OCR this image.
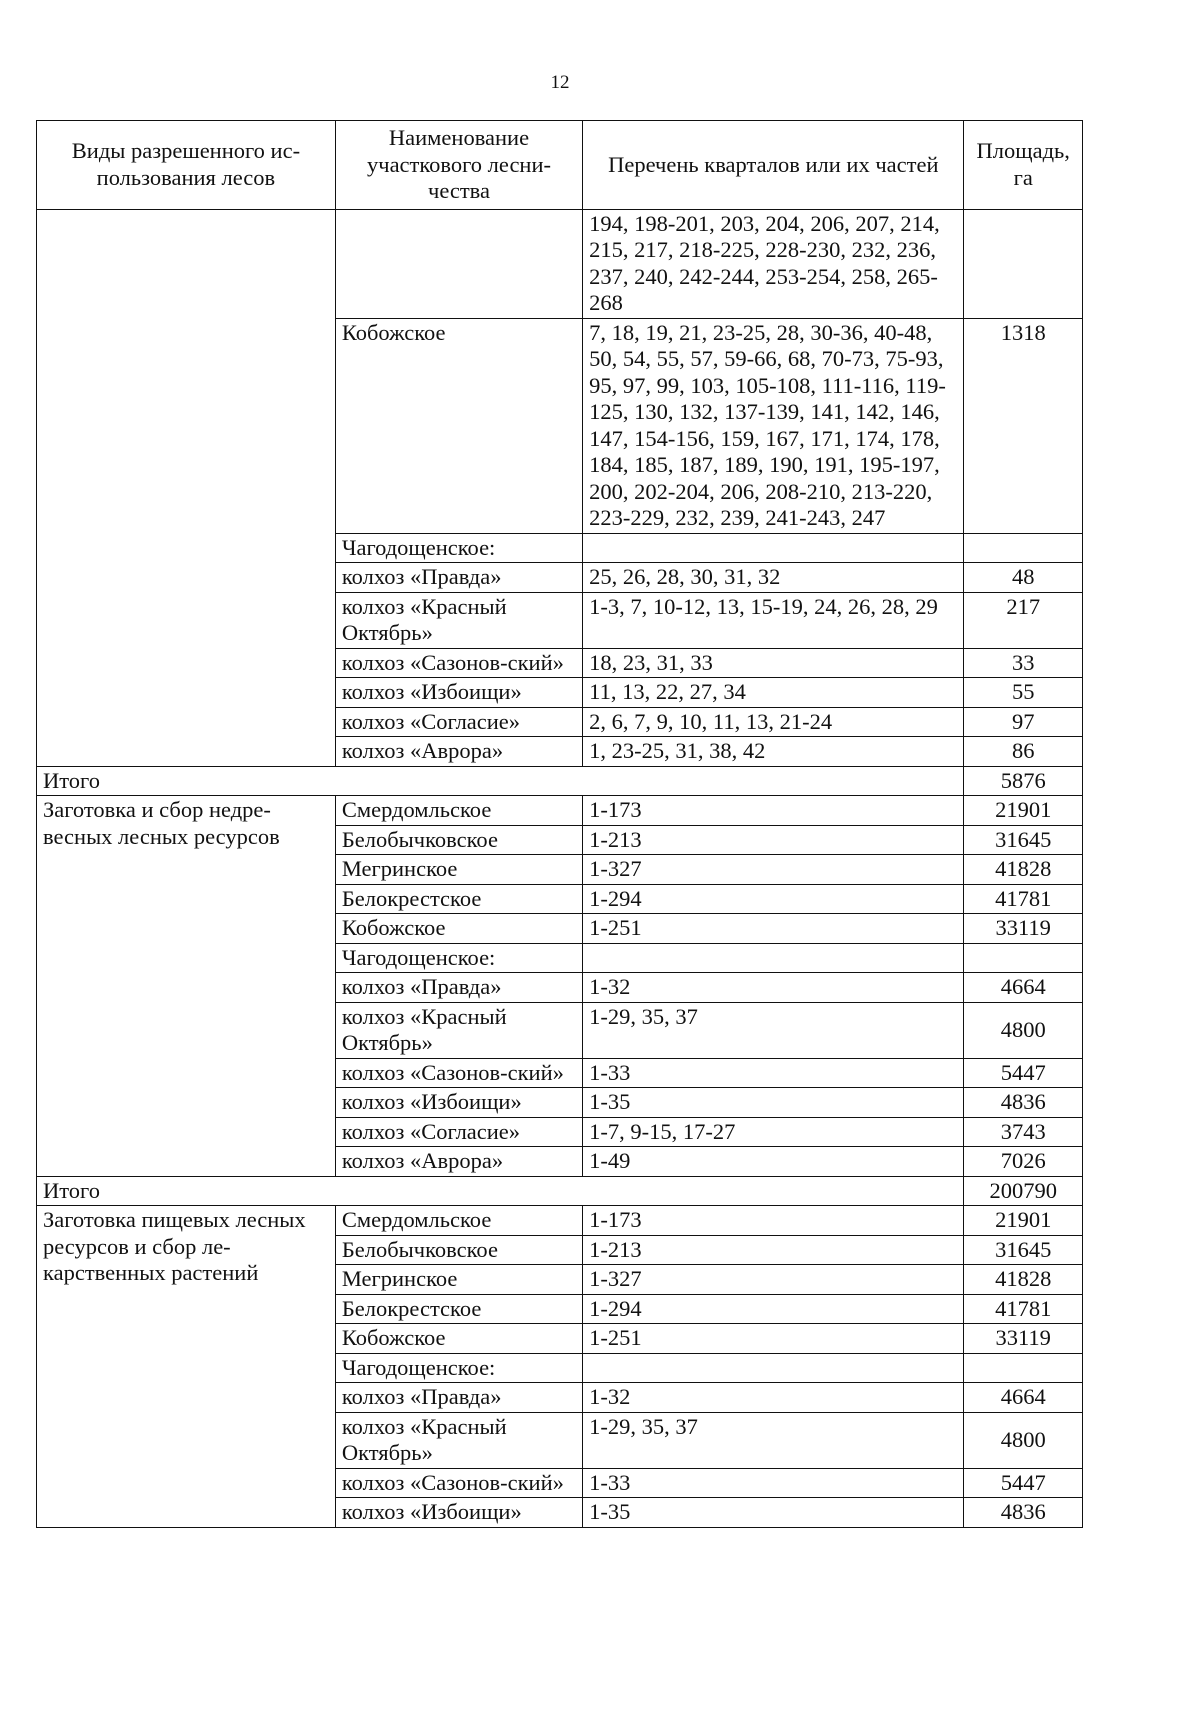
12
Виды разрешенного ис-пользования лесов	Наименование участкового лесни-чества	Перечень кварталов или их частей	Площадь, га
		194, 198-201, 203, 204, 206, 207, 214, 215, 217, 218-225, 228-230, 232, 236, 237, 240, 242-244, 253-254, 258, 265-268	
	Кобожское	7, 18, 19, 21, 23-25, 28, 30-36, 40-48, 50, 54, 55, 57, 59-66, 68, 70-73, 75-93, 95, 97, 99, 103, 105-108, 111-116, 119-125, 130, 132, 137-139, 141, 142, 146, 147, 154-156, 159, 167, 171, 174, 178, 184, 185, 187, 189, 190, 191, 195-197, 200, 202-204, 206, 208-210, 213-220, 223-229, 232, 239, 241-243, 247	1318
	Чагодощенское:		
	колхоз «Правда»	25, 26, 28, 30, 31, 32	48
	колхоз «Красный Октябрь»	1-3, 7, 10-12, 13, 15-19, 24, 26, 28, 29	217
	колхоз «Сазонов-ский»	18, 23, 31, 33	33
	колхоз «Избоищи»	11, 13, 22, 27, 34	55
	колхоз «Согласие»	2, 6, 7, 9, 10, 11, 13, 21-24	97
	колхоз «Аврора»	1, 23-25, 31, 38, 42	86
Итого			5876
Заготовка и сбор недре-весных лесных ресурсов	Смердомльское	1-173	21901
	Белобычковское	1-213	31645
	Мегринское	1-327	41828
	Белокрестское	1-294	41781
	Кобожское	1-251	33119
	Чагодощенское:		
	колхоз «Правда»	1-32	4664
	колхоз «Красный Октябрь»	1-29, 35, 37	4800
	колхоз «Сазонов-ский»	1-33	5447
	колхоз «Избоищи»	1-35	4836
	колхоз «Согласие»	1-7, 9-15, 17-27	3743
	колхоз «Аврора»	1-49	7026
Итого			200790
Заготовка пищевых лесных ресурсов и сбор ле-карственных растений	Смердомльское	1-173	21901
	Белобычковское	1-213	31645
	Мегринское	1-327	41828
	Белокрестское	1-294	41781
	Кобожское	1-251	33119
	Чагодощенское:		
	колхоз «Правда»	1-32	4664
	колхоз «Красный Октябрь»	1-29, 35, 37	4800
	колхоз «Сазонов-ский»	1-33	5447
	колхоз «Избоищи»	1-35	4836
